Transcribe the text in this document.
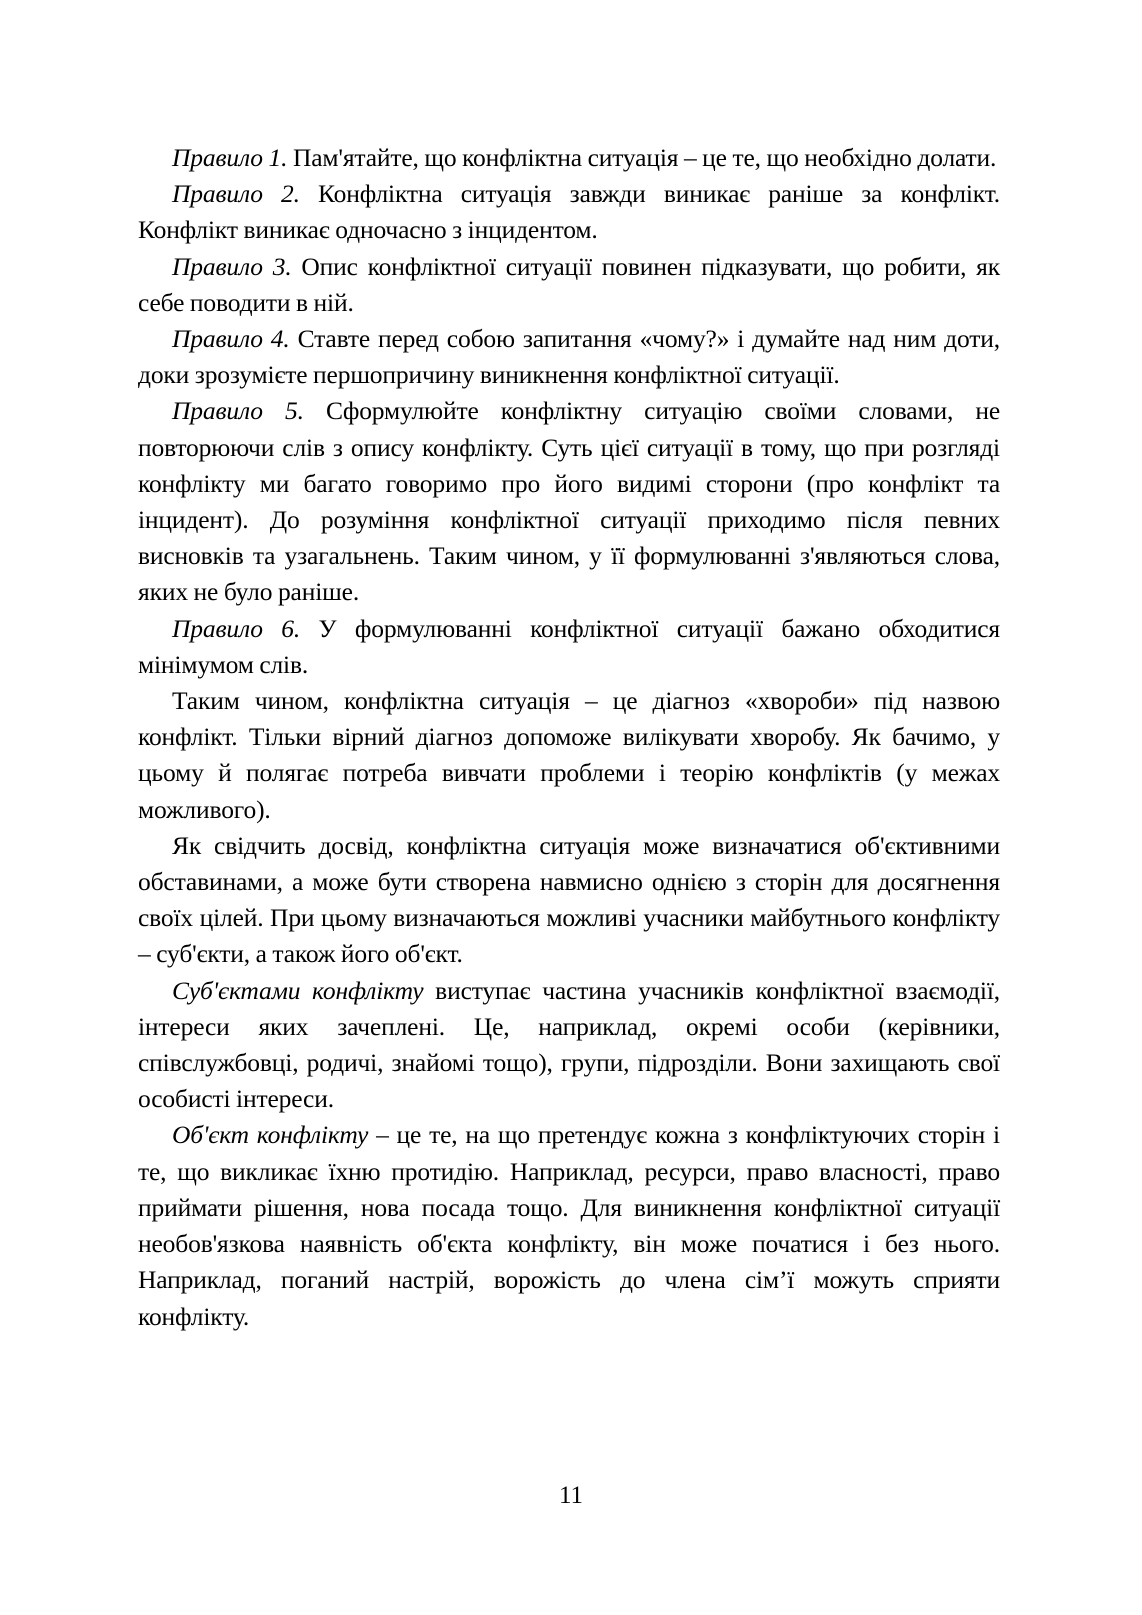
Правило 1. Пам'ятайте, що конфліктна ситуація – це те, що необхідно долати.

Правило 2. Конфліктна ситуація завжди виникає раніше за конфлікт. Конфлікт виникає одночасно з інцидентом.

Правило 3. Опис конфліктної ситуації повинен підказувати, що робити, як себе поводити в ній.

Правило 4. Ставте перед собою запитання «чому?» і думайте над ним доти, доки зрозумієте першопричину виникнення конфліктної ситуації.

Правило 5. Сформулюйте конфліктну ситуацію своїми словами, не повторюючи слів з опису конфлікту. Суть цієї ситуації в тому, що при розгляді конфлікту ми багато говоримо про його видимі сторони (про конфлікт та інцидент). До розуміння конфліктної ситуації приходимо після певних висновків та узагальнень. Таким чином, у її формулюванні з'являються слова, яких не було раніше.

Правило 6. У формулюванні конфліктної ситуації бажано обходитися мінімумом слів.

Таким чином, конфліктна ситуація – це діагноз «хвороби» під назвою конфлікт. Тільки вірний діагноз допоможе вилікувати хворобу. Як бачимо, у цьому й полягає потреба вивчати проблеми і теорію конфліктів (у межах можливого).

Як свідчить досвід, конфліктна ситуація може визначатися об'єктивними обставинами, а може бути створена навмисно однією з сторін для досягнення своїх цілей. При цьому визначаються можливі учасники майбутнього конфлікту – суб'єкти, а також його об'єкт.

Суб'єктами конфлікту виступає частина учасників конфліктної взаємодії, інтереси яких зачеплені. Це, наприклад, окремі особи (керівники, співслужбовці, родичі, знайомі тощо), групи, підрозділи. Вони захищають свої особисті інтереси.

Об'єкт конфлікту – це те, на що претендує кожна з конфліктуючих сторін і те, що викликає їхню протидію. Наприклад, ресурси, право власності, право приймати рішення, нова посада тощо. Для виникнення конфліктної ситуації необов'язкова наявність об'єкта конфлікту, він може початися і без нього. Наприклад, поганий настрій, ворожість до члена сім’ї можуть сприяти конфлікту.

11
